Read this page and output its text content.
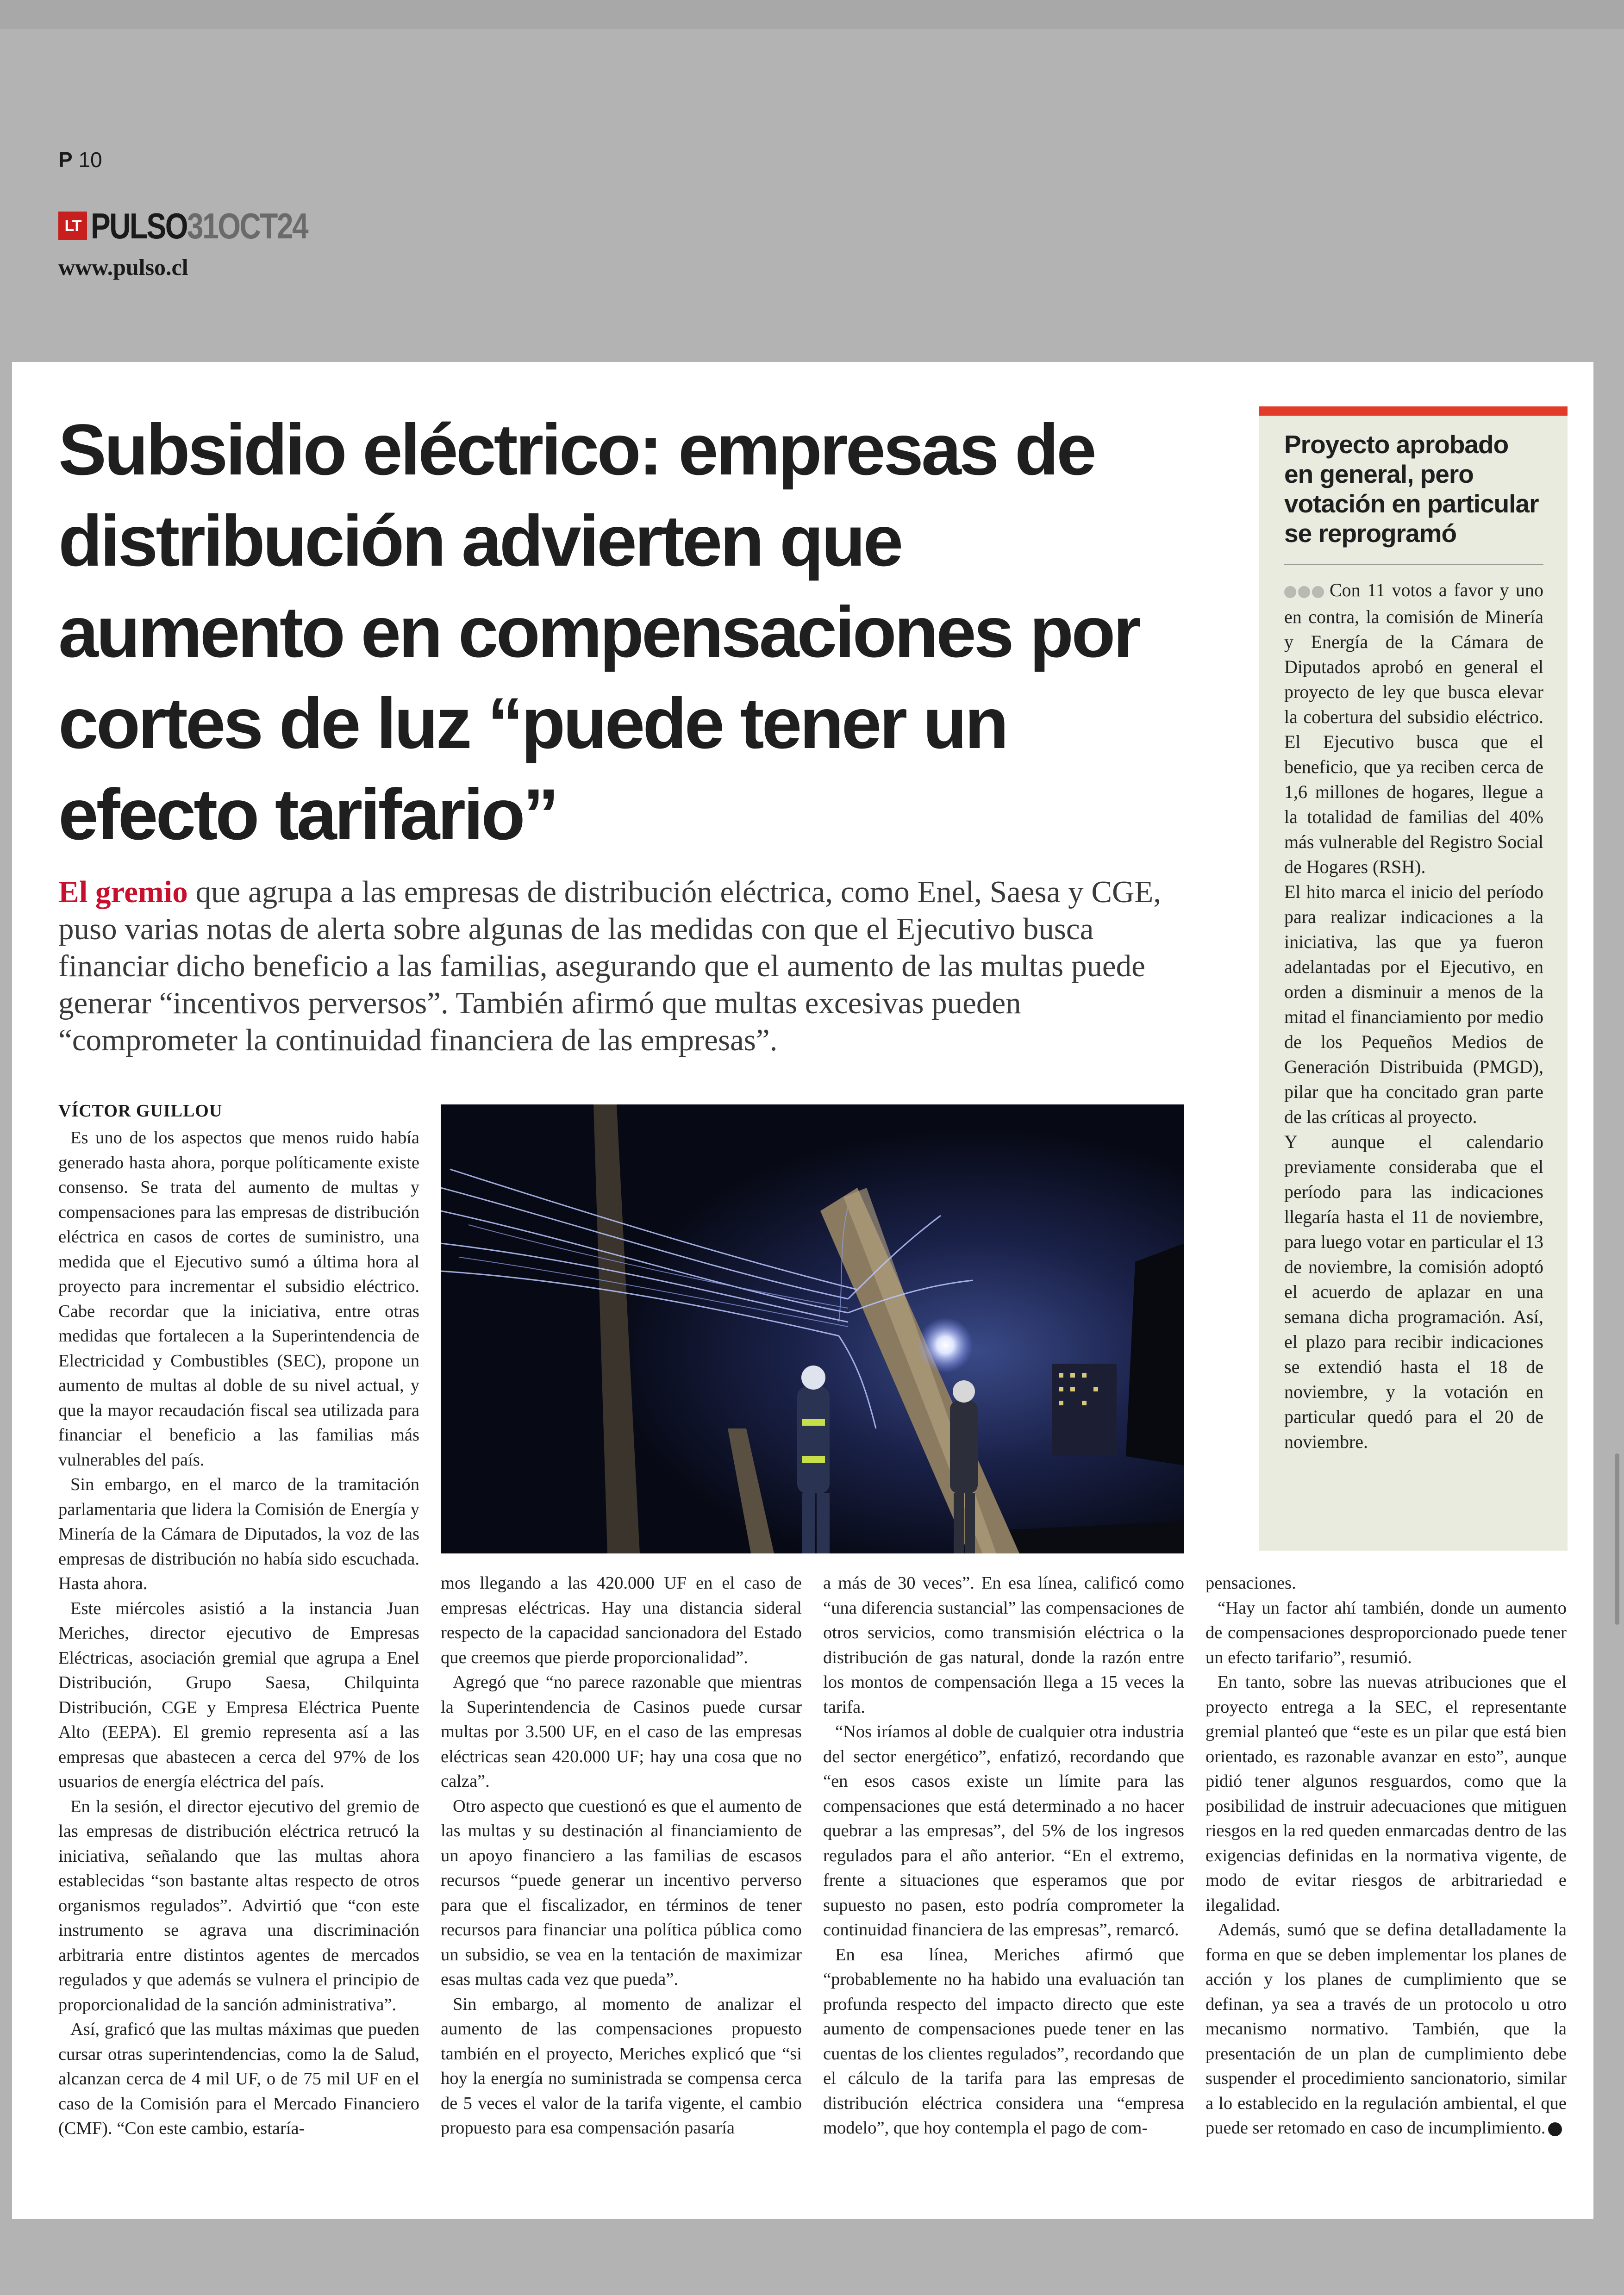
P 10
LT PULSO31OCT24
www.pulso.cl
Subsidio eléctrico: empresas de distribución advierten que aumento en compensaciones por cortes de luz “puede tener un efecto tarifario”

El gremio que agrupa a las empresas de distribución eléctrica, como Enel, Saesa y CGE, puso varias notas de alerta sobre algunas de las medidas con que el Ejecutivo busca financiar dicho beneficio a las familias, asegurando que el aumento de las multas puede generar “incentivos perversos”. También afirmó que multas excesivas pueden “comprometer la continuidad financiera de las empresas”.

VÍCTOR GUILLOU

Es uno de los aspectos que menos ruido había generado hasta ahora, porque políticamente existe consenso. Se trata del aumento de multas y compensaciones para las empresas de distribución eléctrica en casos de cortes de suministro, una medida que el Ejecutivo sumó a última hora al proyecto para incrementar el subsidio eléctrico. Cabe recordar que la iniciativa, entre otras medidas que fortalecen a la Superintendencia de Electricidad y Combustibles (SEC), propone un aumento de multas al doble de su nivel actual, y que la mayor recaudación fiscal sea utilizada para financiar el beneficio a las familias más vulnerables del país.

Sin embargo, en el marco de la tramitación parlamentaria que lidera la Comisión de Energía y Minería de la Cámara de Diputados, la voz de las empresas de distribución no había sido escuchada. Hasta ahora.

Este miércoles asistió a la instancia Juan Meriches, director ejecutivo de Empresas Eléctricas, asociación gremial que agrupa a Enel Distribución, Grupo Saesa, Chilquinta Distribución, CGE y Empresa Eléctrica Puente Alto (EEPA). El gremio representa así a las empresas que abastecen a cerca del 97% de los usuarios de energía eléctrica del país.

En la sesión, el director ejecutivo del gremio de las empresas de distribución eléctrica retrucó la iniciativa, señalando que las multas ahora establecidas “son bastante altas respecto de otros organismos regulados”. Advirtió que “con este instrumento se agrava una discriminación arbitraria entre distintos agentes de mercados regulados y que además se vulnera el principio de proporcionalidad de la sanción administrativa”.

Así, graficó que las multas máximas que pueden cursar otras superintendencias, como la de Salud, alcanzan cerca de 4 mil UF, o de 75 mil UF en el caso de la Comisión para el Mercado Financiero (CMF). “Con este cambio, estaría-

mos llegando a las 420.000 UF en el caso de empresas eléctricas. Hay una distancia sideral respecto de la capacidad sancionadora del Estado que creemos que pierde proporcionalidad”.

Agregó que “no parece razonable que mientras la Superintendencia de Casinos puede cursar multas por 3.500 UF, en el caso de las empresas eléctricas sean 420.000 UF; hay una cosa que no calza”.

Otro aspecto que cuestionó es que el aumento de las multas y su destinación al financiamiento de un apoyo financiero a las familias de escasos recursos “puede generar un incentivo perverso para que el fiscalizador, en términos de tener recursos para financiar una política pública como un subsidio, se vea en la tentación de maximizar esas multas cada vez que pueda”.

Sin embargo, al momento de analizar el aumento de las compensaciones propuesto también en el proyecto, Meriches explicó que “si hoy la energía no suministrada se compensa cerca de 5 veces el valor de la tarifa vigente, el cambio propuesto para esa compensación pasaría

a más de 30 veces”. En esa línea, calificó como “una diferencia sustancial” las compensaciones de otros servicios, como transmisión eléctrica o la distribución de gas natural, donde la razón entre los montos de compensación llega a 15 veces la tarifa.

“Nos iríamos al doble de cualquier otra industria del sector energético”, enfatizó, recordando que “en esos casos existe un límite para las compensaciones que está determinado a no hacer quebrar a las empresas”, del 5% de los ingresos regulados para el año anterior. “En el extremo, frente a situaciones que esperamos que por supuesto no pasen, esto podría comprometer la continuidad financiera de las empresas”, remarcó.

En esa línea, Meriches afirmó que “probablemente no ha habido una evaluación tan profunda respecto del impacto directo que este aumento de compensaciones puede tener en las cuentas de los clientes regulados”, recordando que el cálculo de la tarifa para las empresas de distribución eléctrica considera una “empresa modelo”, que hoy contempla el pago de com-

pensaciones.

“Hay un factor ahí también, donde un aumento de compensaciones desproporcionado puede tener un efecto tarifario”, resumió.

En tanto, sobre las nuevas atribuciones que el proyecto entrega a la SEC, el representante gremial planteó que “este es un pilar que está bien orientado, es razonable avanzar en esto”, aunque pidió tener algunos resguardos, como que la posibilidad de instruir adecuaciones que mitiguen riesgos en la red queden enmarcadas dentro de las exigencias definidas en la normativa vigente, de modo de evitar riesgos de arbitrariedad e ilegalidad.

Además, sumó que se defina detalladamente la forma en que se deben implementar los planes de acción y los planes de cumplimiento que se definan, ya sea a través de un protocolo u otro mecanismo normativo. También, que la presentación de un plan de cumplimiento debe suspender el procedimiento sancionatorio, similar a lo establecido en la regulación ambiental, el que puede ser retomado en caso de incumplimiento.

Proyecto aprobado en general, pero votación en particular se reprogramó

Con 11 votos a favor y uno en contra, la comisión de Minería y Energía de la Cámara de Diputados aprobó en general el proyecto de ley que busca elevar la cobertura del subsidio eléctrico. El Ejecutivo busca que el beneficio, que ya reciben cerca de 1,6 millones de hogares, llegue a la totalidad de familias del 40% más vulnerable del Registro Social de Hogares (RSH).

El hito marca el inicio del período para realizar indicaciones a la iniciativa, las que ya fueron adelantadas por el Ejecutivo, en orden a disminuir a menos de la mitad el financiamiento por medio de los Pequeños Medios de Generación Distribuida (PMGD), pilar que ha concitado gran parte de las críticas al proyecto.

Y aunque el calendario previamente consideraba que el período para las indicaciones llegaría hasta el 11 de noviembre, para luego votar en particular el 13 de noviembre, la comisión adoptó el acuerdo de aplazar en una semana dicha programación. Así, el plazo para recibir indicaciones se extendió hasta el 18 de noviembre, y la votación en particular quedó para el 20 de noviembre.
